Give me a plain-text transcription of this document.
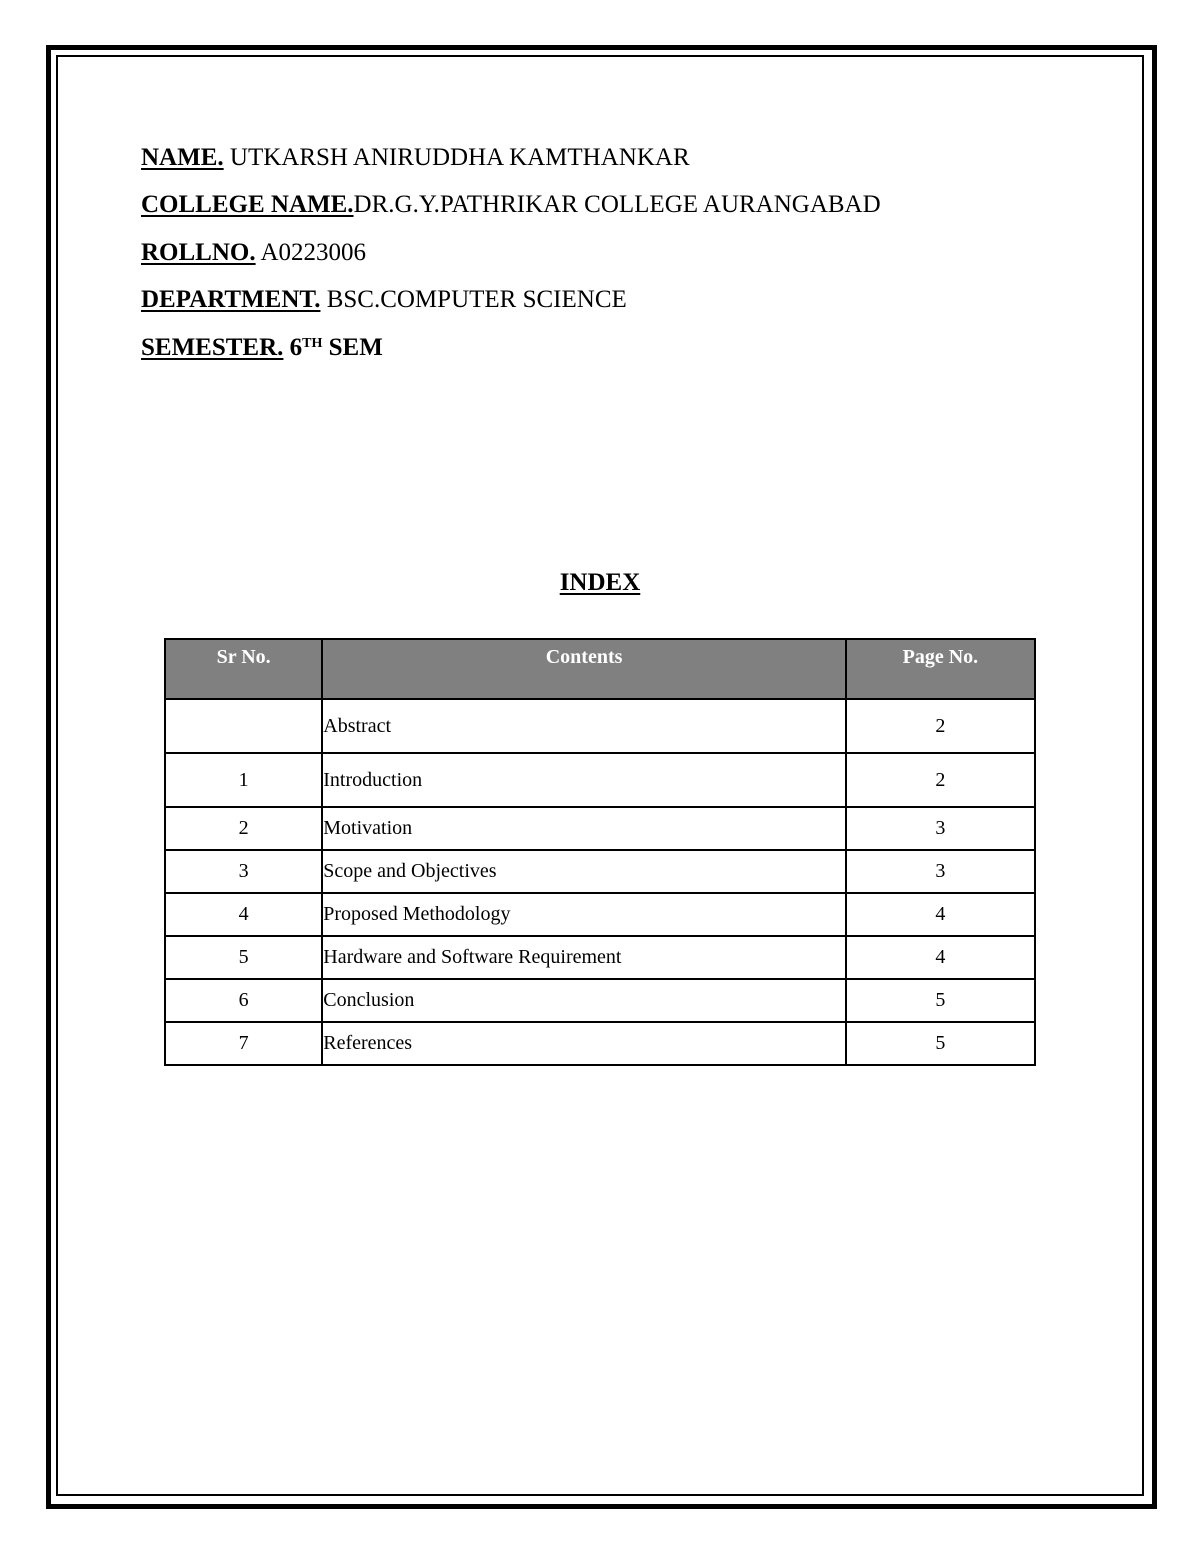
NAME. UTKARSH ANIRUDDHA KAMTHANKAR
COLLEGE NAME.DR.G.Y.PATHRIKAR COLLEGE AURANGABAD
ROLLNO. A0223006
DEPARTMENT. BSC.COMPUTER SCIENCE
SEMESTER. 6TH SEM
INDEX
Sr No.	Contents	Page No.
	Abstract	2
1	Introduction	2
2	Motivation	3
3	Scope and Objectives	3
4	Proposed Methodology	4
5	Hardware and Software Requirement	4
6	Conclusion	5
7	References	5
